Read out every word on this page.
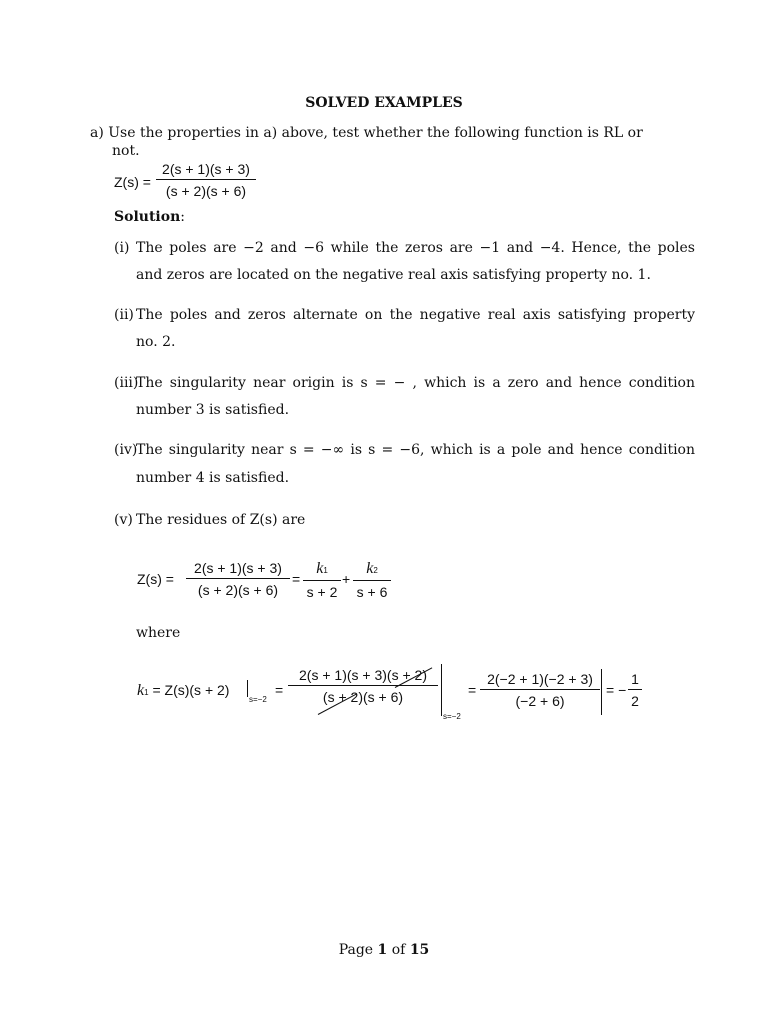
SOLVED EXAMPLES
a) Use the properties in a) above, test whether the following function is RL or
not.
Z(s) =
2(s + 1)(s + 3)
(s + 2)(s + 6)
Solution:
(i) The poles are −2 and −6 while the zeros are −1 and −4. Hence, the poles
and zeros are located on the negative real axis satisfying property no. 1.
(ii) The poles and zeros alternate on the negative real axis satisfying property
no. 2.
(iii)
The singularity near origin is s = − , which is a zero and hence condition
number 3 is satisfied.
(iv)
The singularity near s = −∞ is s = −6, which is a pole and hence condition
number 4 is satisfied.
(v) The residues of Z(s) are
Z(s) =
2(s + 1)(s + 3)
(s + 2)(s + 6)
=
k1
s + 2
+
k2
s + 6
where
k1 = Z(s)(s + 2)
s=−2
=
2(s + 1)(s + 3)(s + 2)
(s + 2)(s + 6)
s=−2
=
2(−2 + 1)(−2 + 3)
(−2 + 6)
= −
1
2
Page 1 of 15
